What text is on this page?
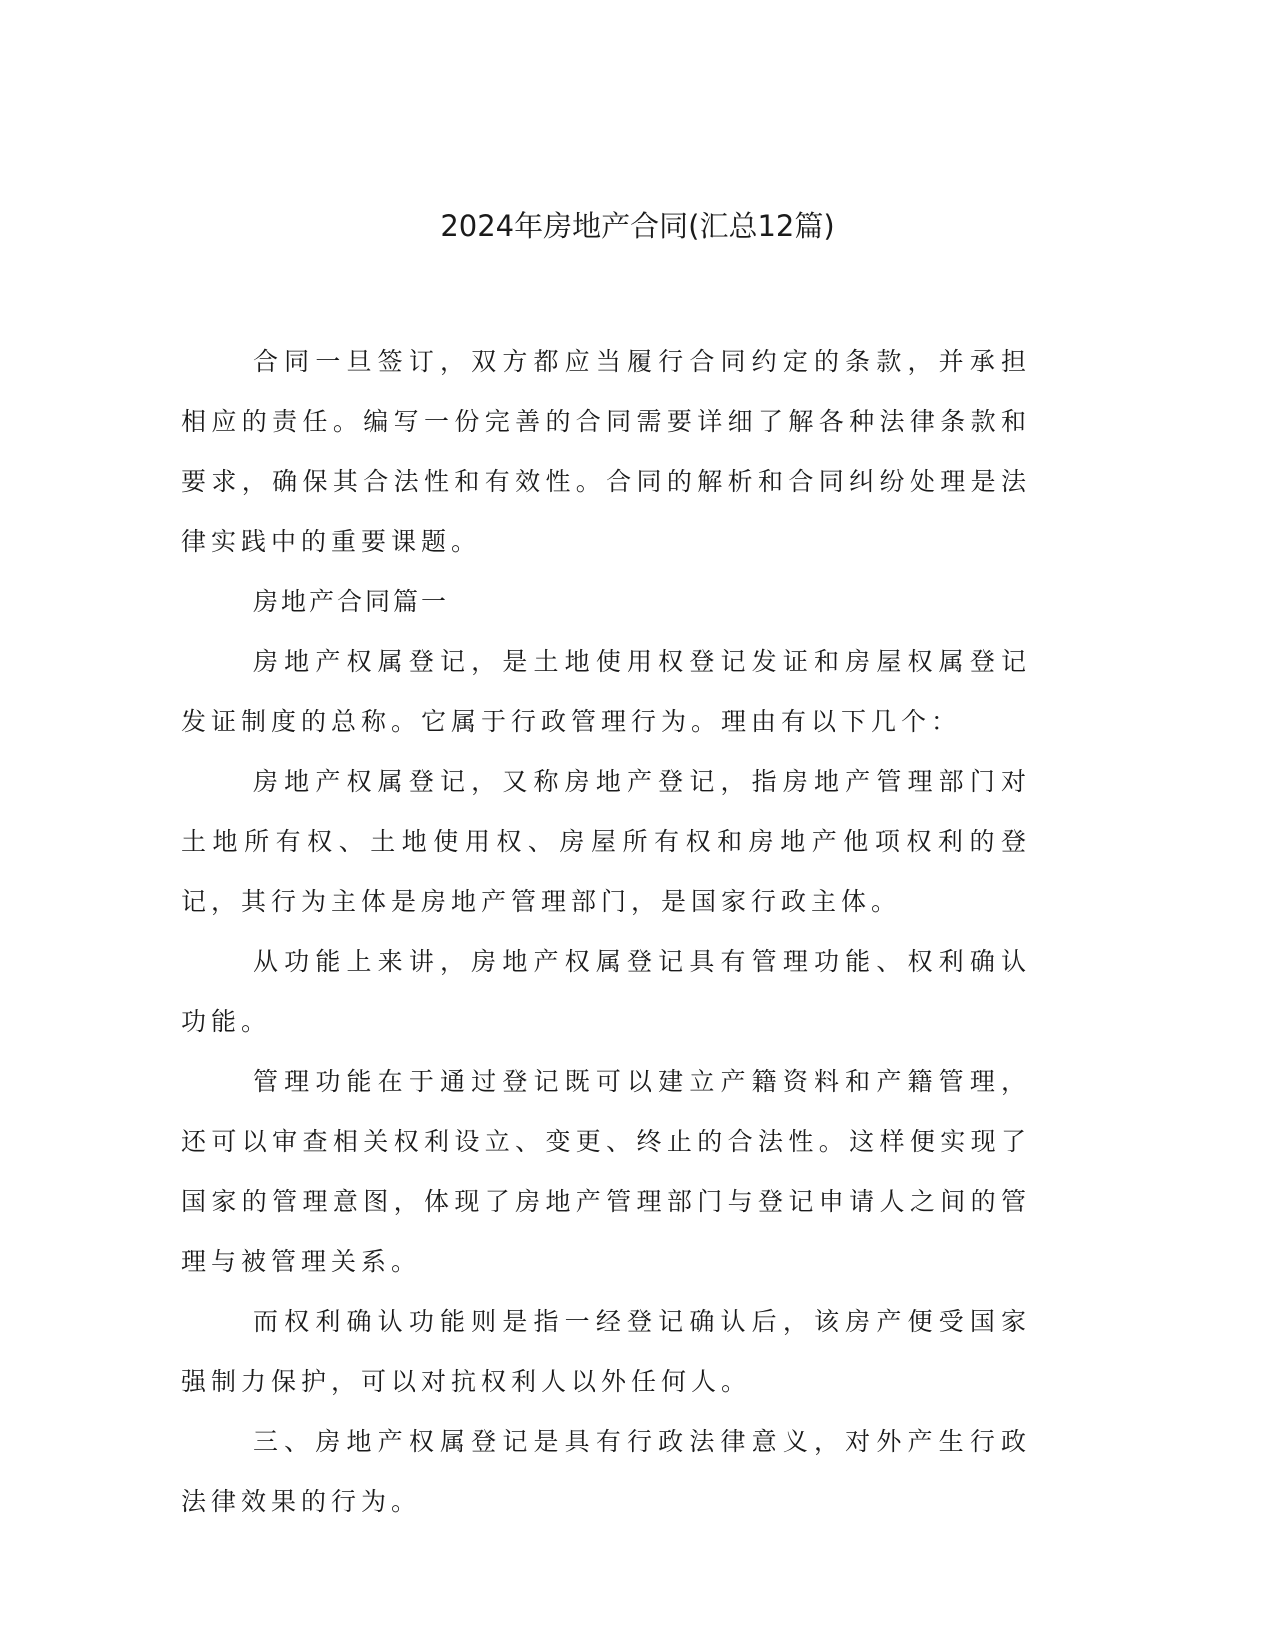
2024年房地产合同(汇总12篇)

合同一旦签订，双方都应当履行合同约定的条款，并承担相应的责任。编写一份完善的合同需要详细了解各种法律条款和要求，确保其合法性和有效性。合同的解析和合同纠纷处理是法律实践中的重要课题。

房地产合同篇一

房地产权属登记，是土地使用权登记发证和房屋权属登记发证制度的总称。它属于行政管理行为。理由有以下几个：

房地产权属登记，又称房地产登记，指房地产管理部门对土地所有权、土地使用权、房屋所有权和房地产他项权利的登记，其行为主体是房地产管理部门，是国家行政主体。

从功能上来讲，房地产权属登记具有管理功能、权利确认功能。

管理功能在于通过登记既可以建立产籍资料和产籍管理，还可以审查相关权利设立、变更、终止的合法性。这样便实现了国家的管理意图，体现了房地产管理部门与登记申请人之间的管理与被管理关系。

而权利确认功能则是指一经登记确认后，该房产便受国家强制力保护，可以对抗权利人以外任何人。

三、房地产权属登记是具有行政法律意义，对外产生行政法律效果的行为。
